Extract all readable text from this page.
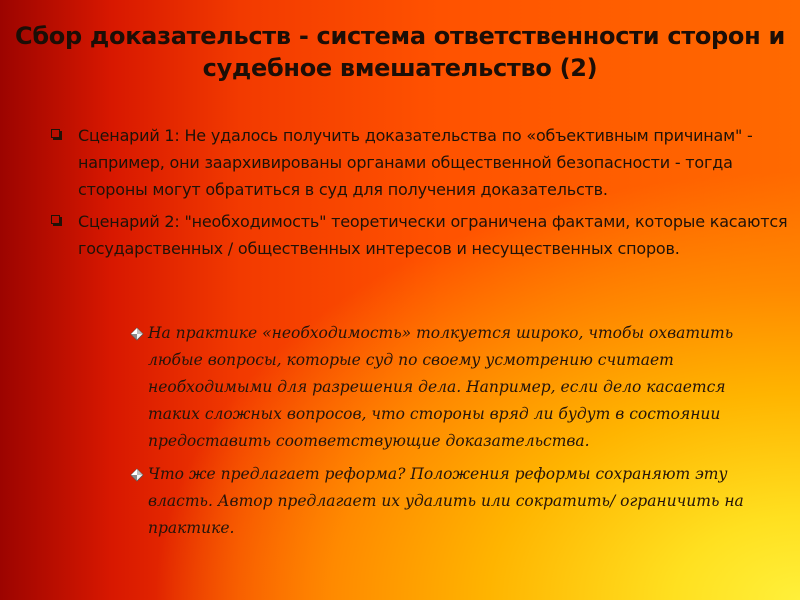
Сбор доказательств - система ответственности сторон и
судебное вмешательство (2)
Сценарий 1: Не удалось получить доказательства по «объективным причинам" - например, они заархивированы органами общественной безопасности - тогда стороны могут обратиться в суд для получения доказательств.
Сценарий 2: "необходимость" теоретически ограничена фактами, которые касаются государственных / общественных интересов и несущественных споров.
На практике «необходимость» толкуется широко, чтобы охватить любые вопросы, которые суд по своему усмотрению считает необходимыми для разрешения дела. Например, если дело касается таких сложных вопросов, что стороны вряд ли будут в состоянии предоставить соответствующие доказательства.
Что же предлагает реформа? Положения реформы сохраняют эту власть. Автор предлагает их удалить или сократить/ ограничить на практике.
